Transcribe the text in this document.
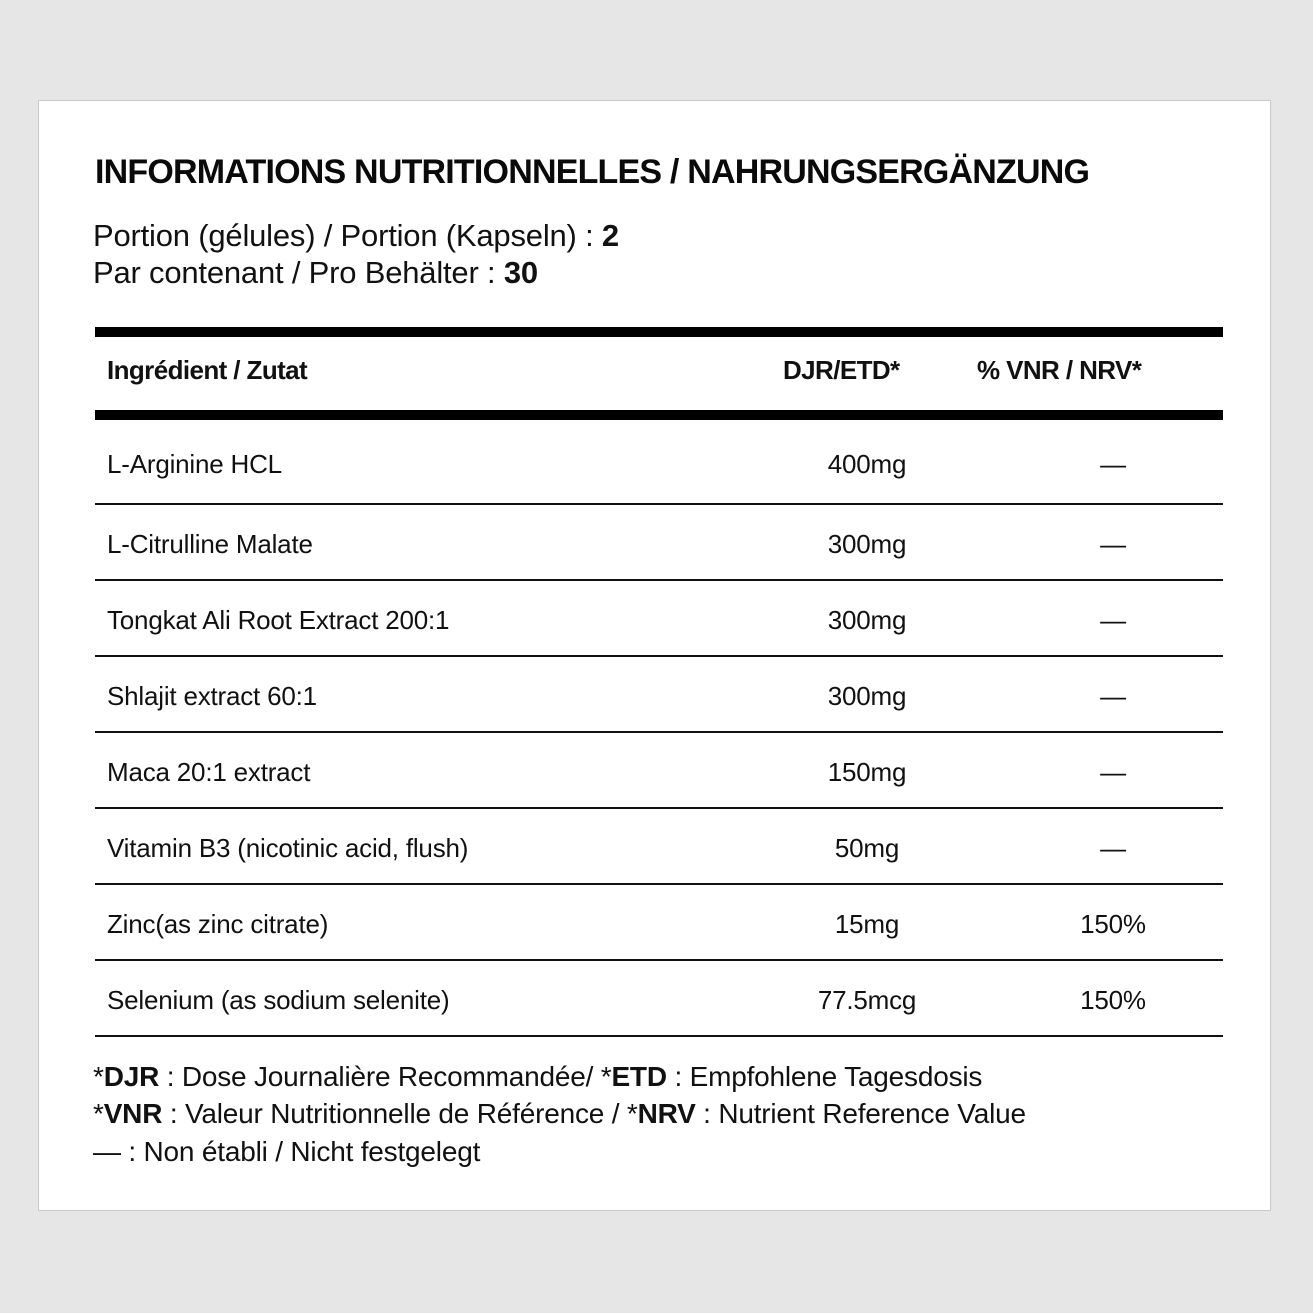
INFORMATIONS NUTRITIONNELLES / NAHRUNGSERGÄNZUNG
Portion (gélules) / Portion (Kapseln) : 2
Par contenant / Pro Behälter : 30
Ingrédient / Zutat	DJR/ETD*	% VNR / NRV*
L-Arginine HCL	400mg	—
L-Citrulline Malate	300mg	—
Tongkat Ali Root Extract 200:1	300mg	—
Shlajit extract 60:1	300mg	—
Maca 20:1 extract	150mg	—
Vitamin B3 (nicotinic acid, flush)	50mg	—
Zinc(as zinc citrate)	15mg	150%
Selenium (as sodium selenite)	77.5mcg	150%
*DJR : Dose Journalière Recommandée/ *ETD : Empfohlene Tagesdosis
*VNR : Valeur Nutritionnelle de Référence / *NRV : Nutrient Reference Value
— : Non établi / Nicht festgelegt
